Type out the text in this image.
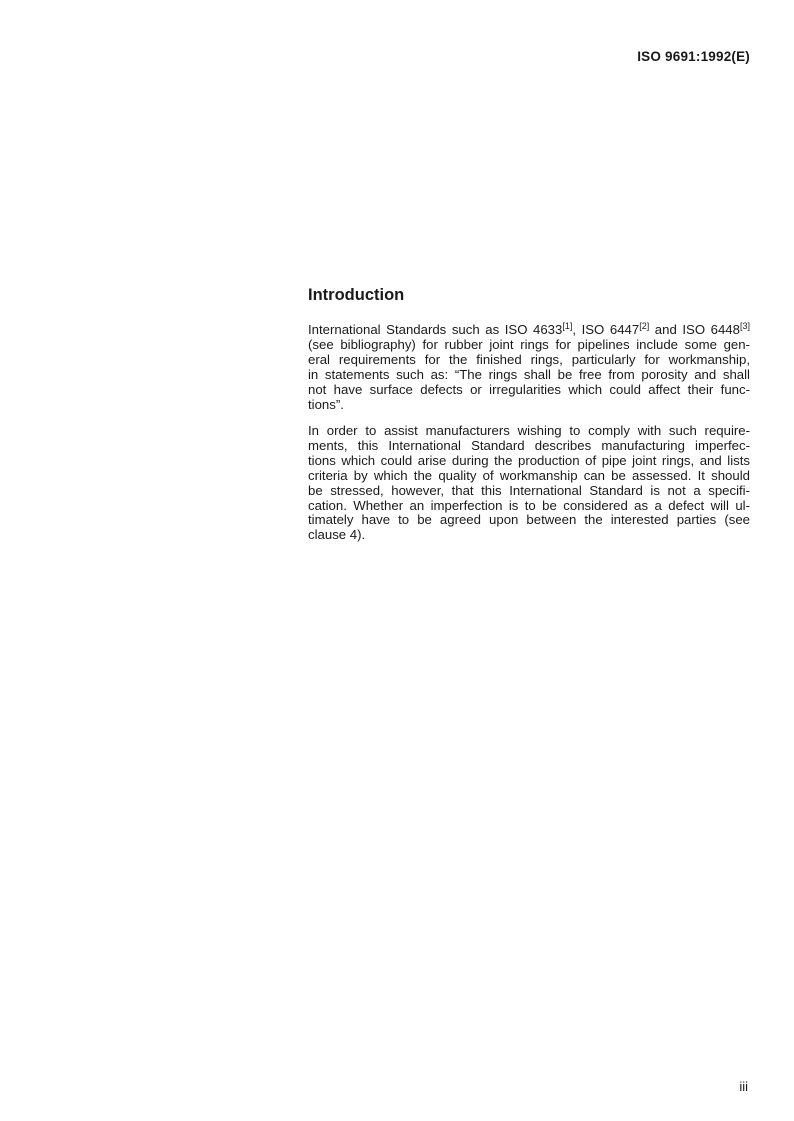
ISO 9691:1992(E)
Introduction
International Standards such as ISO 4633[1], ISO 6447[2] and ISO 6448[3]
(see bibliography) for rubber joint rings for pipelines include some gen-
eral requirements for the finished rings, particularly for workmanship,
in statements such as: “The rings shall be free from porosity and shall
not have surface defects or irregularities which could affect their func-
tions”.
In order to assist manufacturers wishing to comply with such require-
ments, this International Standard describes manufacturing imperfec-
tions which could arise during the production of pipe joint rings, and lists
criteria by which the quality of workmanship can be assessed. It should
be stressed, however, that this International Standard is not a specifi-
cation. Whether an imperfection is to be considered as a defect will ul-
timately have to be agreed upon between the interested parties (see
clause 4).
iii
